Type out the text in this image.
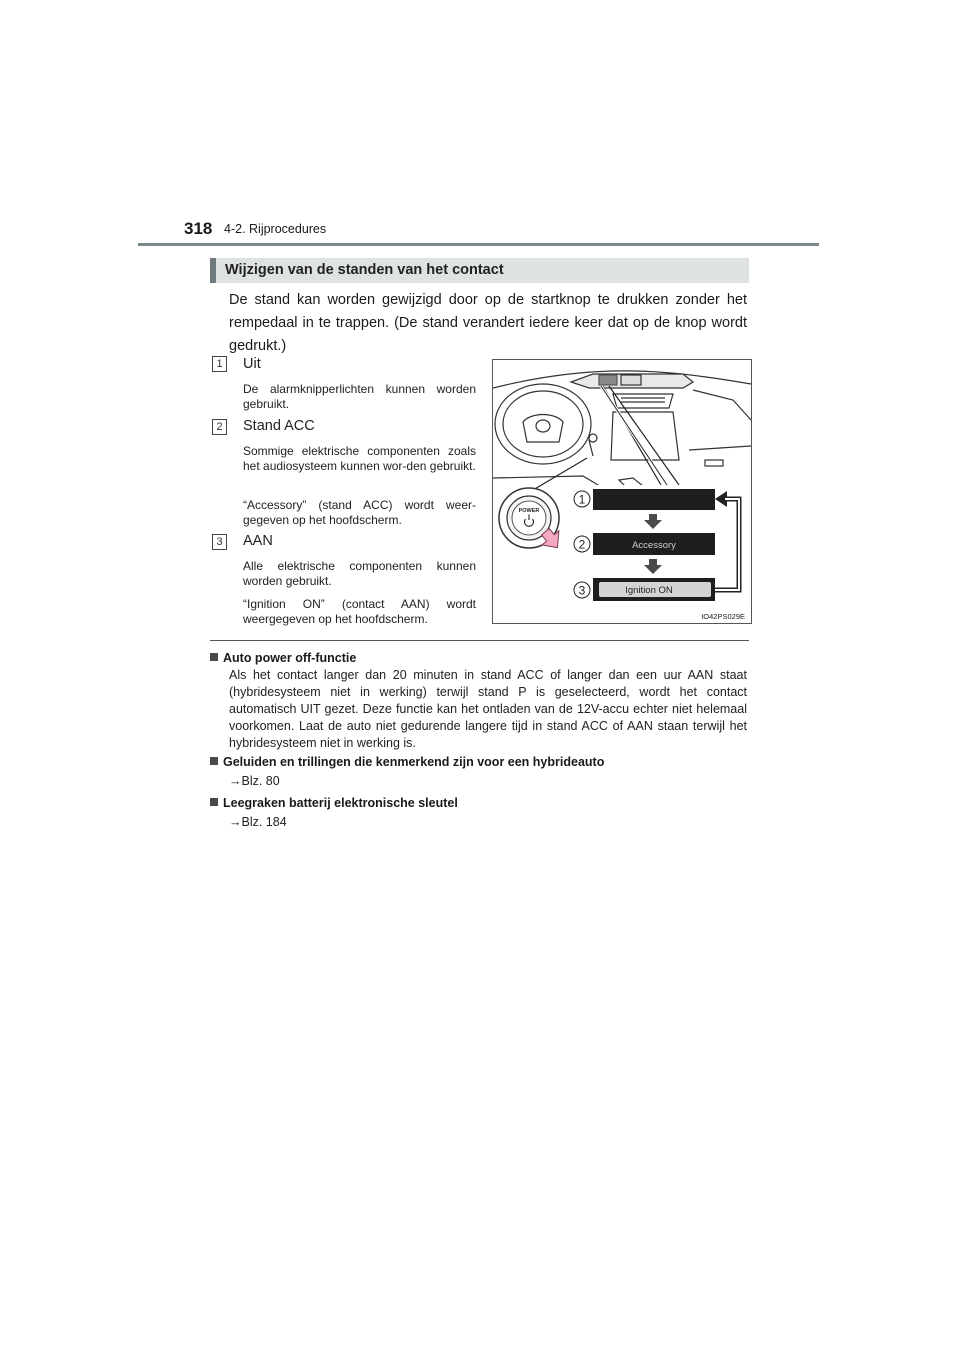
318 4-2. Rijprocedures
Wijzigen van de standen van het contact
De stand kan worden gewijzigd door op de startknop te drukken zonder het rempedaal in te trappen. (De stand verandert iedere keer dat op de knop wordt gedrukt.)
1	Uit
De alarmknipperlichten kunnen worden gebruikt.
2	Stand ACC
Sommige elektrische componenten zoals het audiosysteem kunnen wor-den gebruikt.
“Accessory” (stand ACC) wordt weer-gegeven op het hoofdscherm.
3	AAN
Alle elektrische componenten kunnen worden gebruikt.
“Ignition ON” (contact AAN) wordt weergegeven op het hoofdscherm.
POWER
1
2	Accessory
3	Ignition ON
IO42PS029E
Auto power off-functie
Als het contact langer dan 20 minuten in stand ACC of langer dan een uur AAN staat (hybridesysteem niet in werking) terwijl stand P is geselecteerd, wordt het contact automatisch UIT gezet. Deze functie kan het ontladen van de 12V-accu echter niet helemaal voorkomen. Laat de auto niet gedurende langere tijd in stand ACC of AAN staan terwijl het hybridesysteem niet in werking is.
Geluiden en trillingen die kenmerkend zijn voor een hybrideauto
→Blz. 80
Leegraken batterij elektronische sleutel
→Blz. 184
